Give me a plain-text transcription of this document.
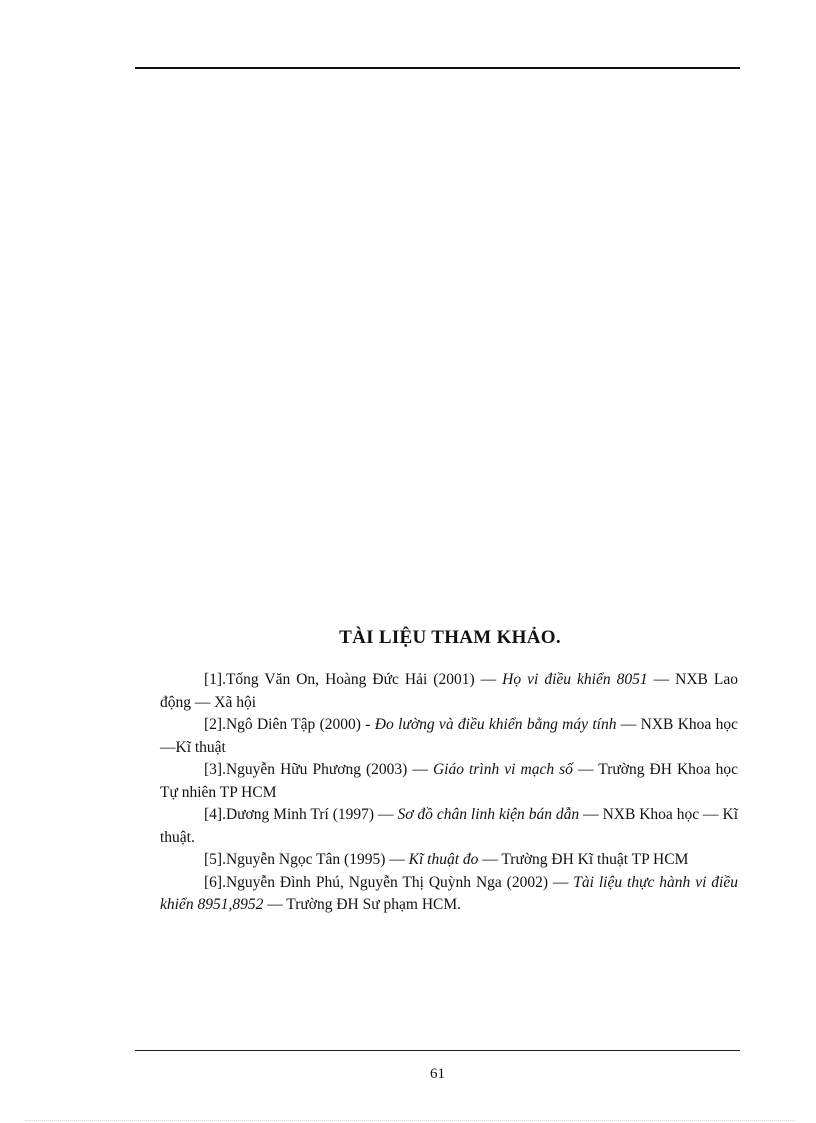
TÀI LIỆU THAM KHẢO.
[1].Tống Văn On, Hoàng Đức Hải (2001) — Họ vi điều khiển 8051 — NXB Lao động — Xã hội
[2].Ngô Diên Tập (2000) - Đo lường và điều khiển bằng máy tính — NXB Khoa học —Kĩ thuật
[3].Nguyễn Hữu Phương (2003) — Giáo trình vi mạch số — Trường ĐH Khoa học Tự nhiên TP HCM
[4].Dương Minh Trí (1997) — Sơ đồ chân linh kiện bán dẫn — NXB Khoa học — Kĩ thuật.
[5].Nguyễn Ngọc Tân (1995) — Kĩ thuật đo — Trường ĐH Kĩ thuật TP HCM
[6].Nguyễn Đình Phú, Nguyễn Thị Quỳnh Nga (2002) — Tài liệu thực hành vi điều khiển 8951,8952 — Trường ĐH Sư phạm HCM.
61
